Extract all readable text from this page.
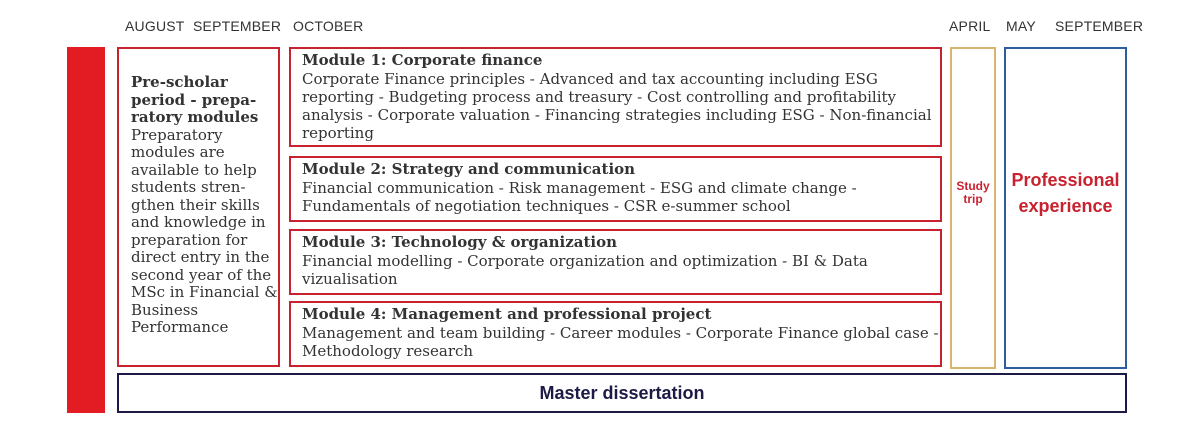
AUGUST SEPTEMBER OCTOBER	APRIL MAY SEPTEMBER
Pre-scholar period - prepa-ratory modules
Preparatory modules are available to help students stren-gthen their skills and knowledge in preparation for direct entry in the second year of the MSc in Financial & Business Performance
Module 1: Corporate finance
Corporate Finance principles - Advanced and tax accounting including ESG reporting - Budgeting process and treasury - Cost controlling and profitability analysis - Corporate valuation - Financing strategies including ESG - Non-financial reporting
Module 2: Strategy and communication
Financial communication - Risk management - ESG and climate change - Fundamentals of negotiation techniques - CSR e-summer school
Module 3: Technology & organization
Financial modelling - Corporate organization and optimization - BI & Data vizualisation
Module 4: Management and professional project
Management and team building - Career modules - Corporate Finance global case - Methodology research
Study
trip
Professional
experience
Master dissertation
